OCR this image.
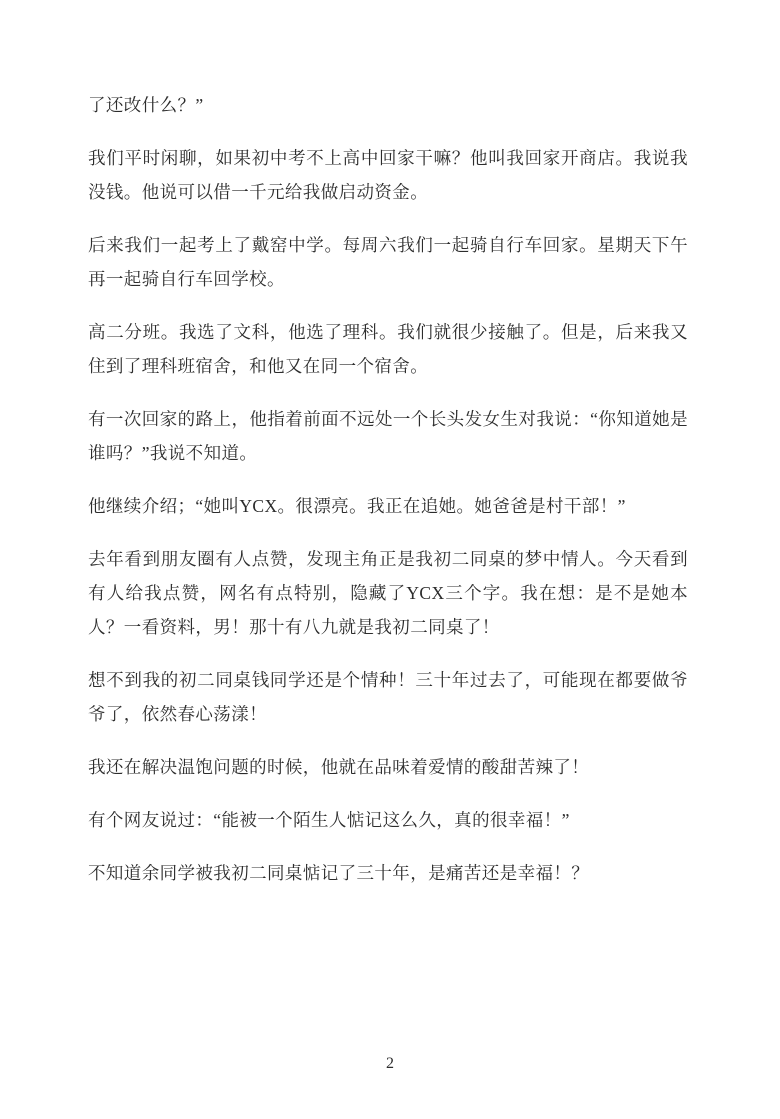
了还改什么？”

我们平时闲聊，如果初中考不上高中回家干嘛？他叫我回家开商店。我说我没钱。他说可以借一千元给我做启动资金。

后来我们一起考上了戴窑中学。每周六我们一起骑自行车回家。星期天下午再一起骑自行车回学校。

高二分班。我选了文科，他选了理科。我们就很少接触了。但是，后来我又住到了理科班宿舍，和他又在同一个宿舍。

有一次回家的路上，他指着前面不远处一个长头发女生对我说：“你知道她是谁吗？”我说不知道。

他继续介绍；“她叫YCX。很漂亮。我正在追她。她爸爸是村干部！”

去年看到朋友圈有人点赞，发现主角正是我初二同桌的梦中情人。今天看到有人给我点赞，网名有点特别，隐藏了YCX三个字。我在想：是不是她本人？一看资料，男！那十有八九就是我初二同桌了！

想不到我的初二同桌钱同学还是个情种！三十年过去了，可能现在都要做爷爷了，依然春心荡漾！

我还在解决温饱问题的时候，他就在品味着爱情的酸甜苦辣了！

有个网友说过：“能被一个陌生人惦记这么久，真的很幸福！”

不知道余同学被我初二同桌惦记了三十年，是痛苦还是幸福！？

2
